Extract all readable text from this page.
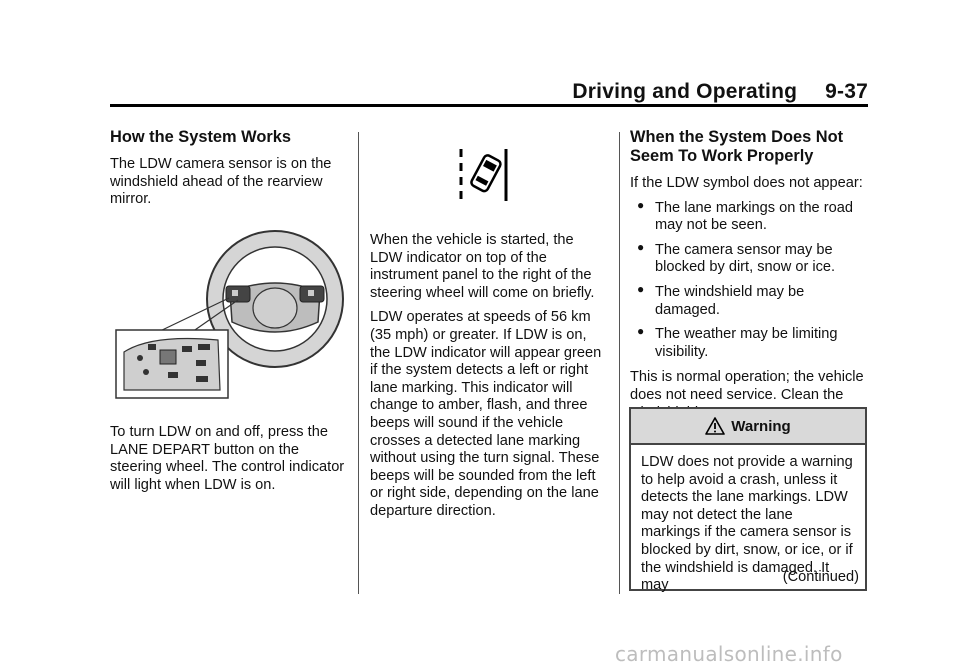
Driving and Operating 9-37
How the System Works

The LDW camera sensor is on the windshield ahead of the rearview mirror.

To turn LDW on and off, press the LANE DEPART button on the steering wheel. The control indicator will light when LDW is on.

When the vehicle is started, the LDW indicator on top of the instrument panel to the right of the steering wheel will come on briefly.

LDW operates at speeds of 56 km (35 mph) or greater. If LDW is on, the LDW indicator will appear green if the system detects a left or right lane marking. This indicator will change to amber, flash, and three beeps will sound if the vehicle crosses a detected lane marking without using the turn signal. These beeps will be sounded from the left or right side, depending on the lane departure direction.

When the System Does Not Seem To Work Properly

If the LDW symbol does not appear:

● The lane markings on the road may not be seen.
● The camera sensor may be blocked by dirt, snow or ice.
● The windshield may be damaged.
● The weather may be limiting visibility.

This is normal operation; the vehicle does not need service. Clean the

Warning
LDW does not provide a warning to help avoid a crash, unless it detects the lane markings. LDW may not detect the lane markings if the camera sensor is blocked by dirt, snow, or ice, or if the windshield is damaged. It may
(Continued)
carmanualsonline.info
